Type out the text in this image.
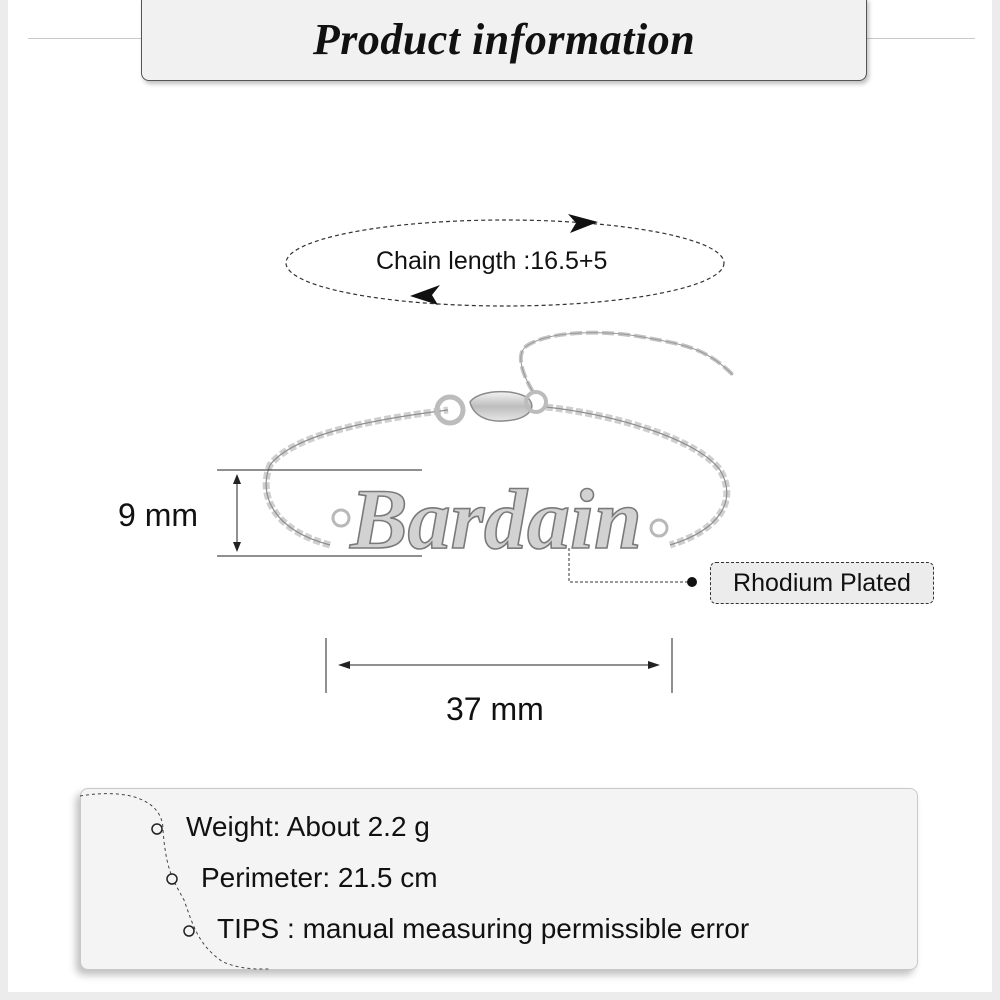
Product information
Bardain
Chain length :16.5+5
9 mm
37 mm
Rhodium Plated
Weight: About 2.2 g
Perimeter: 21.5 cm
TIPS : manual measuring permissible error
